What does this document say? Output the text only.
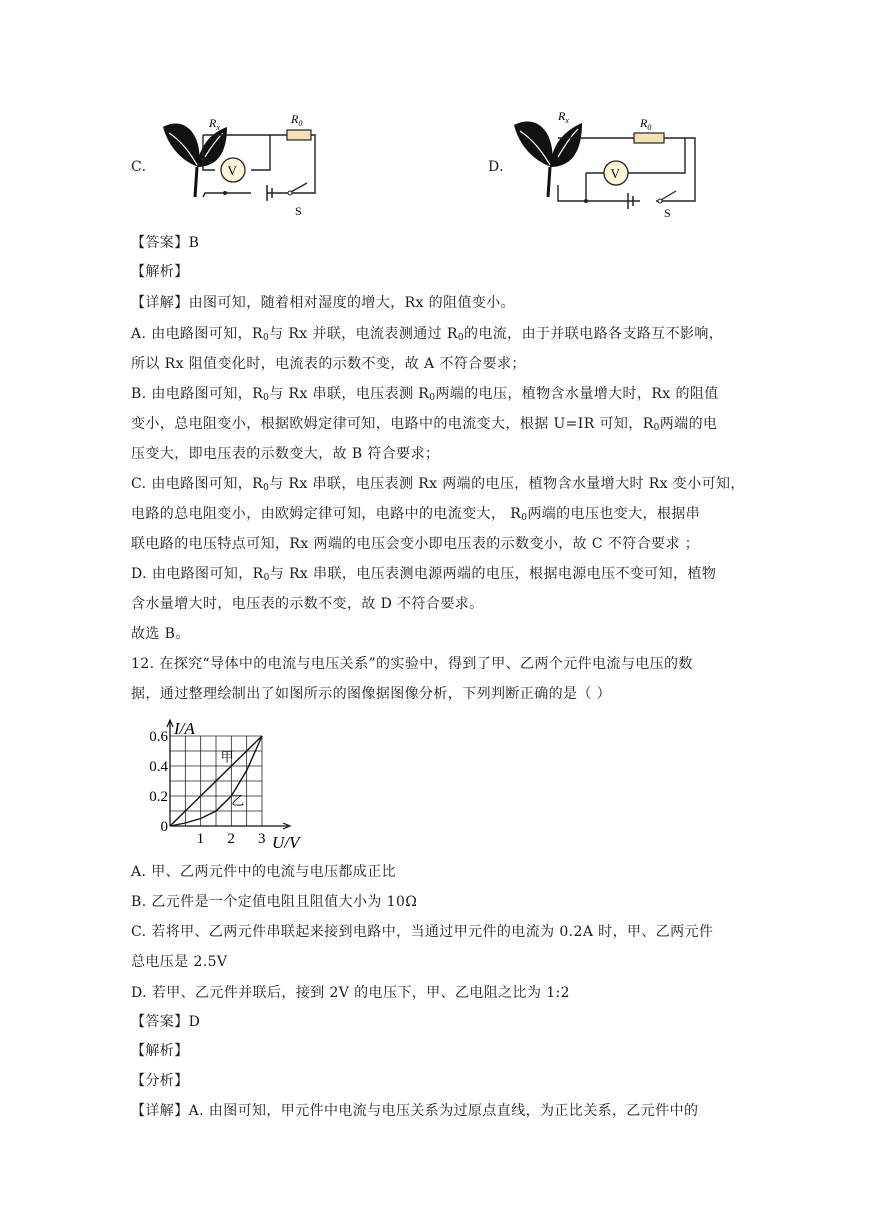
C.	V
$R_x$
$R_0$
S
D.	V
$R_x$	$R_0$
S
【答案】B
【解析】
【详解】由图可知，随着相对湿度的增大，Rx 的阻值变小。
A. 由电路图可知，$R_0$与 Rx 并联，电流表测通过 $R_0$的电流，由于并联电路各支路互不影响，
所以 Rx 阻值变化时，电流表的示数不变，故 A 不符合要求；
B. 由电路图可知，$R_0$与 Rx 串联，电压表测 $R_0$两端的电压，植物含水量增大时，Rx 的阻值
变小，总电阻变小，根据欧姆定律可知，电路中的电流变大，根据 U=IR 可知，$R_0$两端的电
压变大，即电压表的示数变大，故 B 符合要求；
C. 由电路图可知，$R_0$与 Rx 串联，电压表测 Rx 两端的电压，植物含水量增大时 Rx 变小可知，
电路的总电阻变小，由欧姆定律可知，电路中的电流变大， $R_0$两端的电压也变大，根据串
联电路的电压特点可知，Rx 两端的电压会变小即电压表的示数变小，故 C 不符合要求 ；
D. 由电路图可知，$R_0$与 Rx 串联，电压表测电源两端的电压，根据电源电压不变可知，植物
含水量增大时，电压表的示数不变，故 D 不符合要求。
故选 B。
12. 在探究“导体中的电流与电压关系”的实验中，得到了甲、乙两个元件电流与电压的数
据，通过整理绘制出了如图所示的图像据图像分析，下列判断正确的是（ ）
I/A
U/V
1 2 3
0
0.2
0.4
0.6
甲
乙
A. 甲、乙两元件中的电流与电压都成正比
B. 乙元件是一个定值电阻且阻值大小为 10Ω
C. 若将甲、乙两元件串联起来接到电路中，当通过甲元件的电流为 0.2A 时，甲、乙两元件
总电压是 2.5V
D. 若甲、乙元件并联后，接到 2V 的电压下，甲、乙电阻之比为 1:2
【答案】D
【解析】
【分析】
【详解】A. 由图可知，甲元件中电流与电压关系为过原点直线，为正比关系，乙元件中的
